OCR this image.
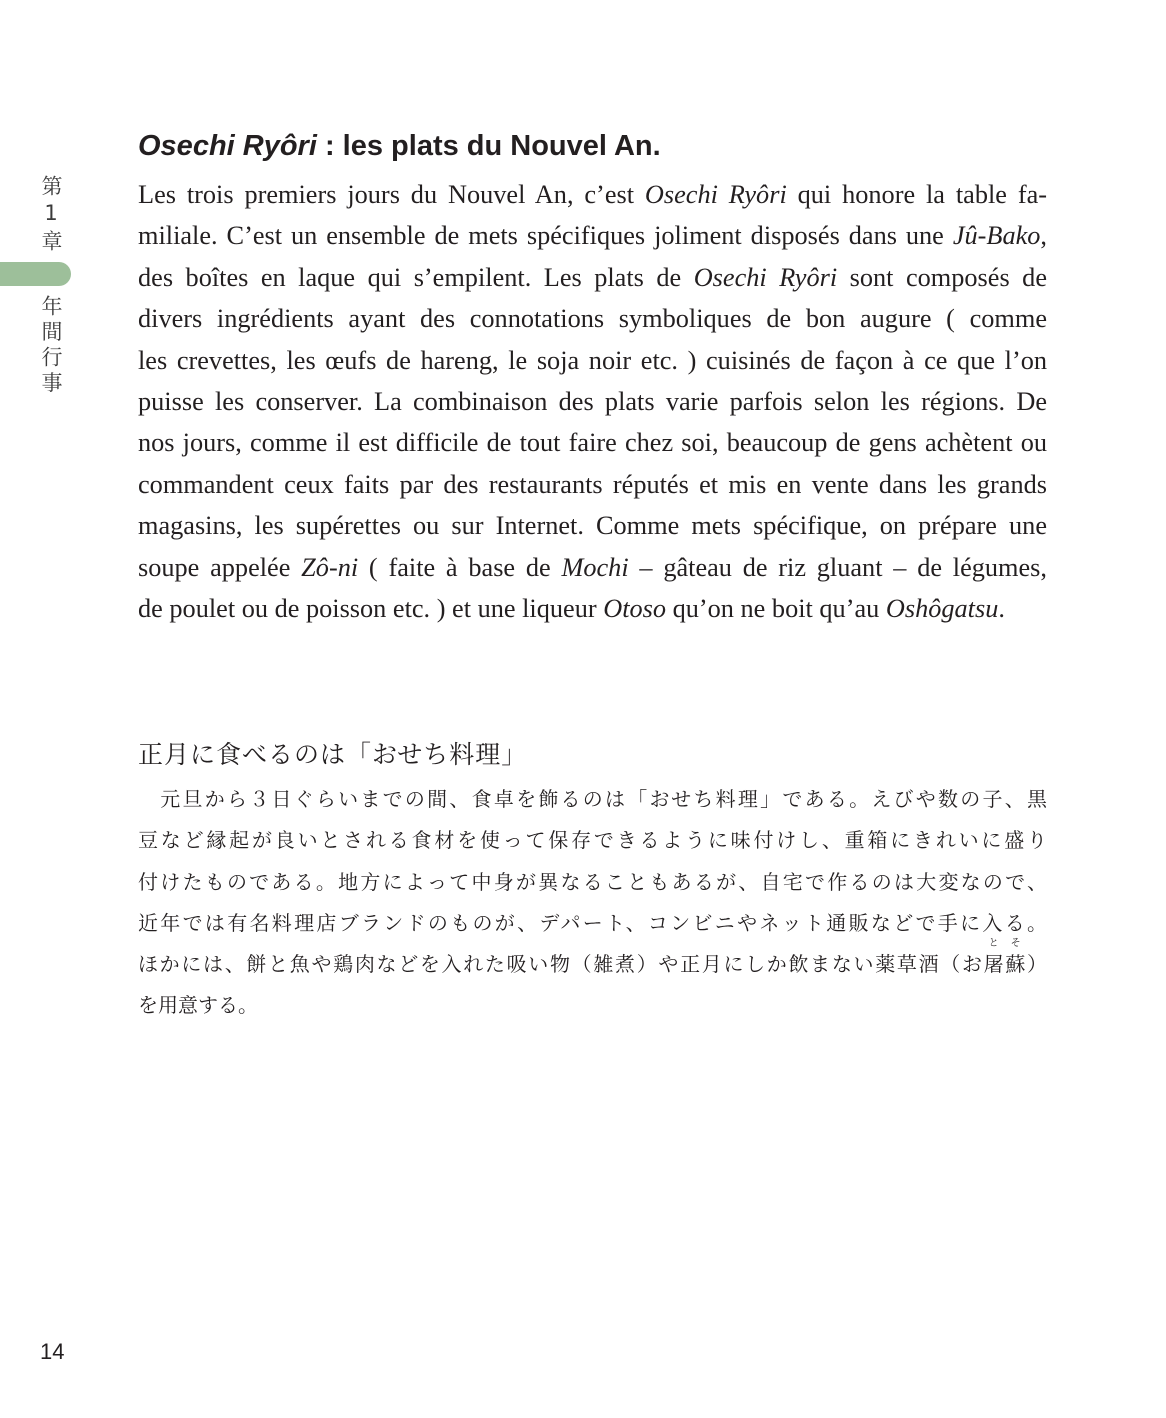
第1章
年間行事
Osechi Ryôri : les plats du Nouvel An.
Les trois premiers jours du Nouvel An, c’est Osechi Ryôri qui honore la table fa-
miliale. C’est un ensemble de mets spécifiques joliment disposés dans une Jû-Bako,
des boîtes en laque qui s’empilent. Les plats de Osechi Ryôri sont composés de
divers ingrédients ayant des connotations symboliques de bon augure ( comme
les crevettes, les œufs de hareng, le soja noir etc. ) cuisinés de façon à ce que l’on
puisse les conserver. La combinaison des plats varie parfois selon les régions. De
nos jours, comme il est difficile de tout faire chez soi, beaucoup de gens achètent ou
commandent ceux faits par des restaurants réputés et mis en vente dans les grands
magasins, les supérettes ou sur Internet. Comme mets spécifique, on prépare une
soupe appelée Zô-ni ( faite à base de Mochi – gâteau de riz gluant – de légumes,
de poulet ou de poisson etc. ) et une liqueur Otoso qu’on ne boit qu’au Oshôgatsu.
正月に食べるのは「おせち料理」
　元旦から３日ぐらいまでの間、食卓を飾るのは「おせち料理」である。えびや数の子、黒
豆など縁起が良いとされる食材を使って保存できるように味付けし、重箱にきれいに盛り
付けたものである。地方によって中身が異なることもあるが、自宅で作るのは大変なので、
近年では有名料理店ブランドのものが、デパート、コンビニやネット通販などで手に入る。
ほかには、餅と魚や鶏肉などを入れた吸い物（雑煮）や正月にしか飲まない薬草酒（お屠蘇
とそ
）
を用意する。
14
